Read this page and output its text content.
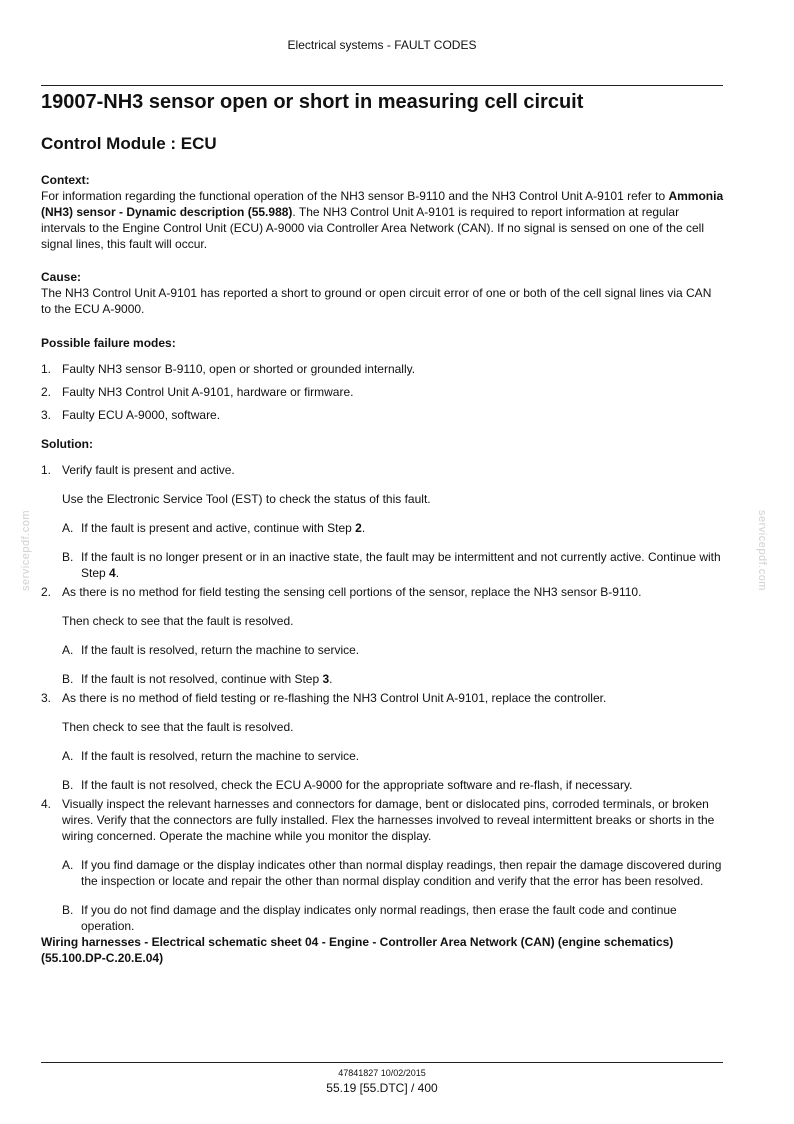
Electrical systems - FAULT CODES
servicepdf.com	servicepdf.com
19007-NH3 sensor open or short in measuring cell circuit
Control Module : ECU

Context:

For information regarding the functional operation of the NH3 sensor B-9110 and the NH3 Control Unit A-9101 refer to Ammonia (NH3) sensor - Dynamic description (55.988). The NH3 Control Unit A-9101 is required to report information at regular intervals to the Engine Control Unit (ECU) A-9000 via Controller Area Network (CAN). If no signal is sensed on one of the cell signal lines, this fault will occur.

Cause:

The NH3 Control Unit A-9101 has reported a short to ground or open circuit error of one or both of the cell signal lines via CAN to the ECU A-9000.

Possible failure modes:

1. Faulty NH3 sensor B-9110, open or shorted or grounded internally.
2. Faulty NH3 Control Unit A-9101, hardware or firmware.
3. Faulty ECU A-9000, software.

Solution:

1. Verify fault is present and active.

Use the Electronic Service Tool (EST) to check the status of this fault.

A. If the fault is present and active, continue with Step 2.
B. If the fault is no longer present or in an inactive state, the fault may be intermittent and not currently active. Continue with Step 4.
2. As there is no method for field testing the sensing cell portions of the sensor, replace the NH3 sensor B-9110.

Then check to see that the fault is resolved.

A. If the fault is resolved, return the machine to service.
B. If the fault is not resolved, continue with Step 3.
3. As there is no method of field testing or re-flashing the NH3 Control Unit A-9101, replace the controller.

Then check to see that the fault is resolved.

A. If the fault is resolved, return the machine to service.
B. If the fault is not resolved, check the ECU A-9000 for the appropriate software and re-flash, if necessary.
4. Visually inspect the relevant harnesses and connectors for damage, bent or dislocated pins, corroded terminals, or broken wires. Verify that the connectors are fully installed. Flex the harnesses involved to reveal intermittent breaks or shorts in the wiring concerned. Operate the machine while you monitor the display.
A. If you find damage or the display indicates other than normal display readings, then repair the damage discovered during the inspection or locate and repair the other than normal display condition and verify that the error has been resolved.
B. If you do not find damage and the display indicates only normal readings, then erase the fault code and continue operation.

Wiring harnesses - Electrical schematic sheet 04 - Engine - Controller Area Network (CAN) (engine schematics) (55.100.DP-C.20.E.04)

47841827 10/02/2015
55.19 [55.DTC] / 400
